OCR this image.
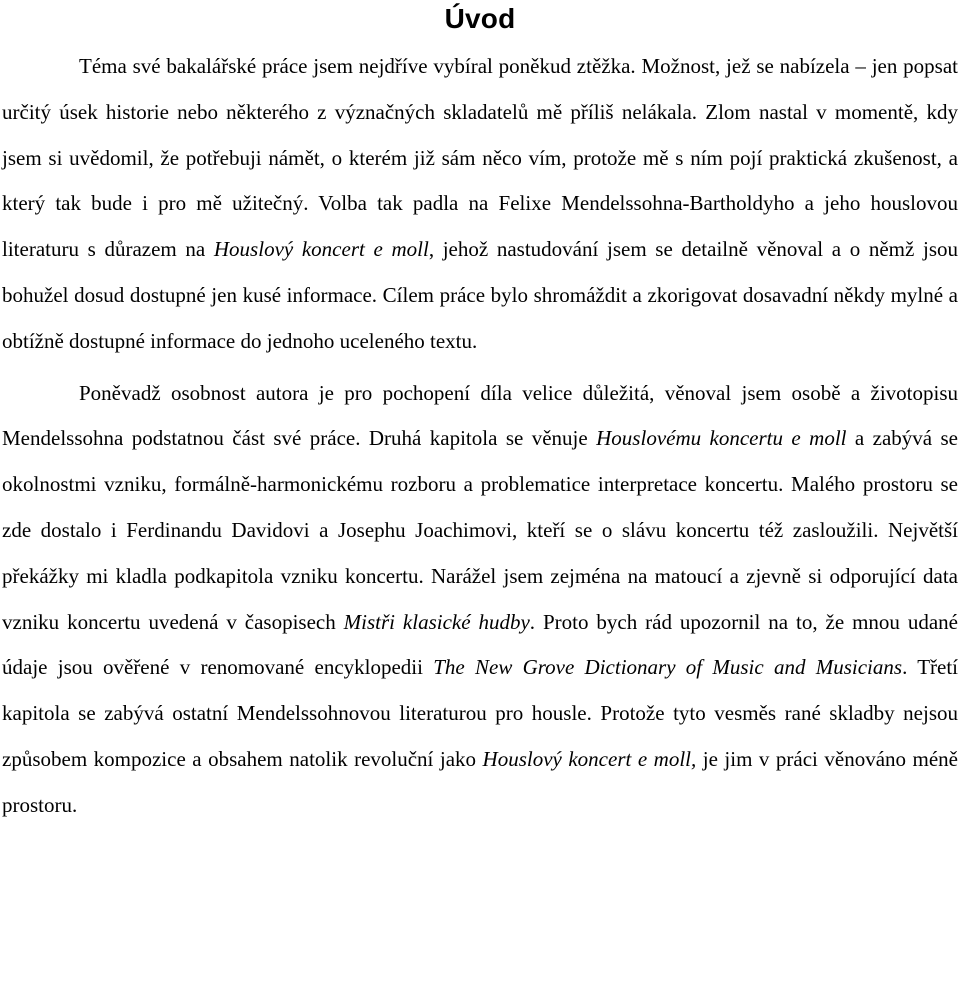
Úvod

Téma své bakalářské práce jsem nejdříve vybíral poněkud ztěžka. Možnost, jež se nabízela – jen popsat určitý úsek historie nebo některého z význačných skladatelů mě příliš nelákala. Zlom nastal v momentě, kdy jsem si uvědomil, že potřebuji námět, o kterém již sám něco vím, protože mě s ním pojí praktická zkušenost, a který tak bude i pro mě užitečný. Volba tak padla na Felixe Mendelssohna-Bartholdyho a jeho houslovou literaturu s důrazem na Houslový koncert e moll, jehož nastudování jsem se detailně věnoval a o němž jsou bohužel dosud dostupné jen kusé informace. Cílem práce bylo shromáždit a zkorigovat dosavadní někdy mylné a obtížně dostupné informace do jednoho uceleného textu.

Poněvadž osobnost autora je pro pochopení díla velice důležitá, věnoval jsem osobě a životopisu Mendelssohna podstatnou část své práce. Druhá kapitola se věnuje Houslovému koncertu e moll a zabývá se okolnostmi vzniku, formálně-harmonickému rozboru a problematice interpretace koncertu. Malého prostoru se zde dostalo i Ferdinandu Davidovi a Josephu Joachimovi, kteří se o slávu koncertu též zasloužili. Největší překážky mi kladla podkapitola vzniku koncertu. Narážel jsem zejména na matoucí a zjevně si odporující data vzniku koncertu uvedená v časopisech Mistři klasické hudby. Proto bych rád upozornil na to, že mnou udané údaje jsou ověřené v renomované encyklopedii The New Grove Dictionary of Music and Musicians. Třetí kapitola se zabývá ostatní Mendelssohnovou literaturou pro housle. Protože tyto vesměs rané skladby nejsou způsobem kompozice a obsahem natolik revoluční jako Houslový koncert e moll, je jim v práci věnováno méně prostoru.
